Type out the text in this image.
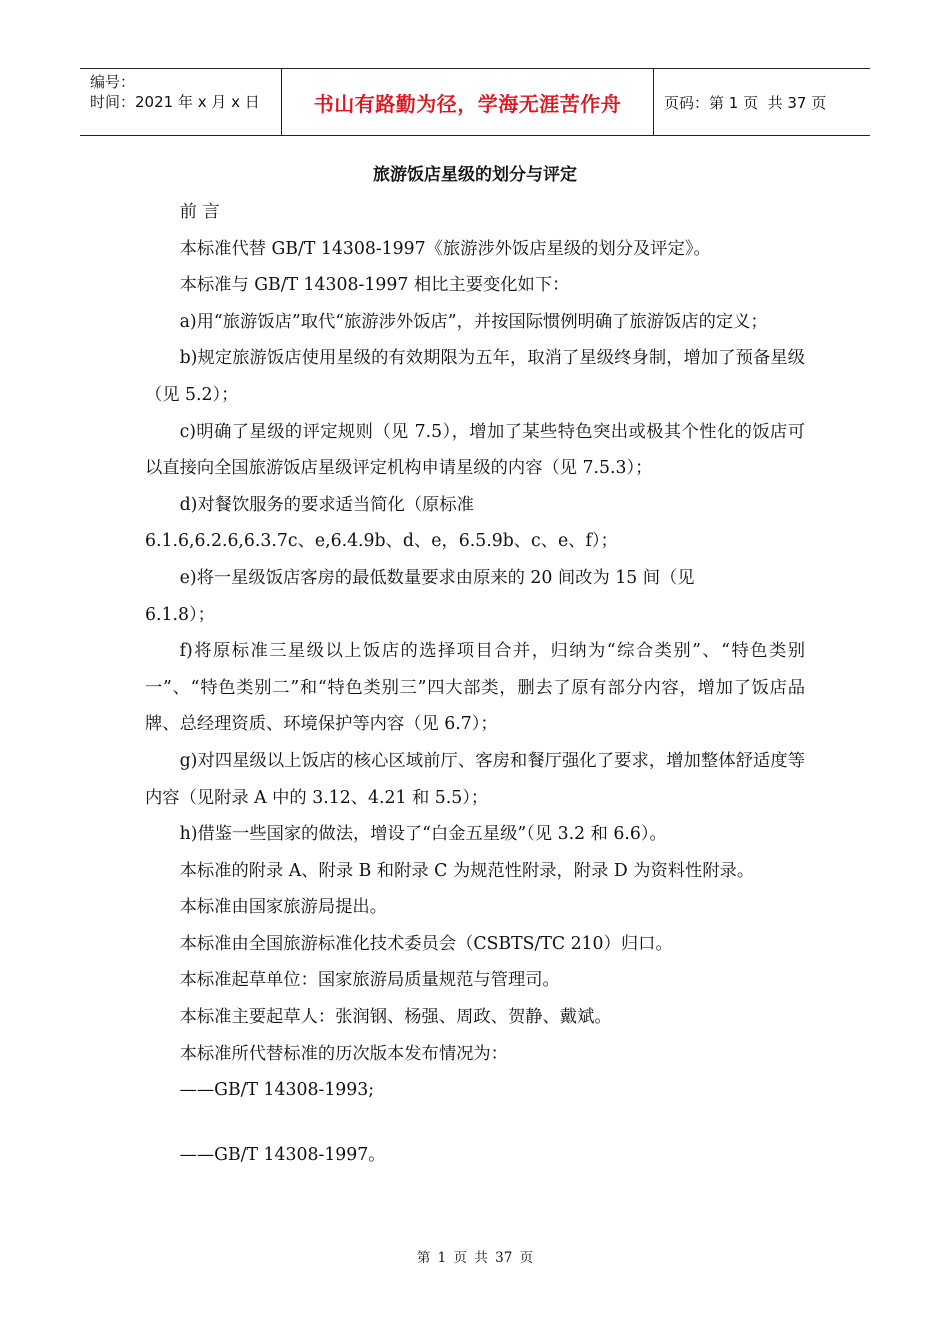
编号：
时间：2021 年 x 月 x 日	书山有路勤为径，学海无涯苦作舟	页码：第 1 页  共 37 页
旅游饭店星级的划分与评定

前 言

本标准代替 GB/T 14308-1997《旅游涉外饭店星级的划分及评定》。

本标准与 GB/T 14308-1997 相比主要变化如下：

a)用“旅游饭店”取代“旅游涉外饭店”，并按国际惯例明确了旅游饭店的定义；

b)规定旅游饭店使用星级的有效期限为五年，取消了星级终身制，增加了预备星级（见 5.2）；

c)明确了星级的评定规则（见 7.5），增加了某些特色突出或极其个性化的饭店可以直接向全国旅游饭店星级评定机构申请星级的内容（见 7.5.3）；

d)对餐饮服务的要求适当简化（原标准

6.1.6,6.2.6,6.3.7c、e,6.4.9b、d、e，6.5.9b、c、e、f）；

e)将一星级饭店客房的最低数量要求由原来的 20 间改为 15 间（见

6.1.8）；

f)将原标准三星级以上饭店的选择项目合并，归纳为“综合类别”、“特色类别一”、“特色类别二”和“特色类别三”四大部类，删去了原有部分内容，增加了饭店品牌、总经理资质、环境保护等内容（见 6.7）；

g)对四星级以上饭店的核心区域前厅、客房和餐厅强化了要求，增加整体舒适度等内容（见附录 A 中的 3.12、4.21 和 5.5）；

h)借鉴一些国家的做法，增设了“白金五星级”（见 3.2 和 6.6）。

本标准的附录 A、附录 B 和附录 C 为规范性附录，附录 D 为资料性附录。

本标准由国家旅游局提出。

本标准由全国旅游标准化技术委员会（CSBTS/TC 210）归口。

本标准起草单位：国家旅游局质量规范与管理司。

本标准主要起草人：张润钢、杨强、周政、贺静、戴斌。

本标准所代替标准的历次版本发布情况为：

——GB/T 14308-1993;

——GB/T 14308-1997。

第 1 页 共 37 页
